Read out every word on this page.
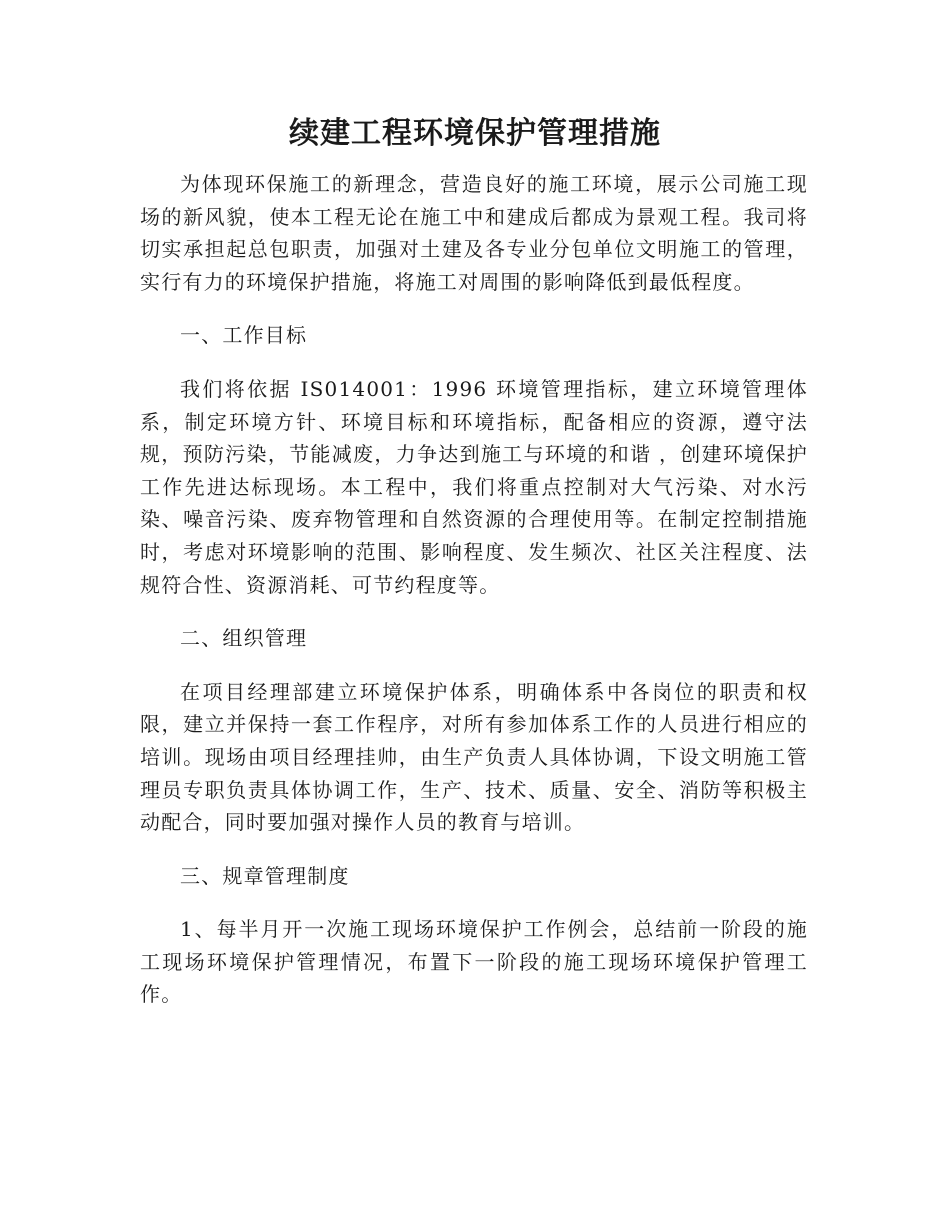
续建工程环境保护管理措施

为体现环保施工的新理念，营造良好的施工环境，展示公司施工现场的新风貌，使本工程无论在施工中和建成后都成为景观工程。我司将切实承担起总包职责，加强对土建及各专业分包单位文明施工的管理，实行有力的环境保护措施，将施工对周围的影响降低到最低程度。

一、工作目标

我们将依据 IS014001：1996 环境管理指标，建立环境管理体系，制定环境方针、环境目标和环境指标，配备相应的资源，遵守法规，预防污染，节能减废，力争达到施工与环境的和谐 ，创建环境保护工作先进达标现场。本工程中，我们将重点控制对大气污染、对水污染、噪音污染、废弃物管理和自然资源的合理使用等。在制定控制措施时，考虑对环境影响的范围、影响程度、发生频次、社区关注程度、法规符合性、资源消耗、可节约程度等。

二、组织管理

在项目经理部建立环境保护体系，明确体系中各岗位的职责和权限，建立并保持一套工作程序，对所有参加体系工作的人员进行相应的培训。现场由项目经理挂帅，由生产负责人具体协调，下设文明施工管理员专职负责具体协调工作，生产、技术、质量、安全、消防等积极主动配合，同时要加强对操作人员的教育与培训。

三、规章管理制度

1、每半月开一次施工现场环境保护工作例会，总结前一阶段的施工现场环境保护管理情况，布置下一阶段的施工现场环境保护管理工作。
